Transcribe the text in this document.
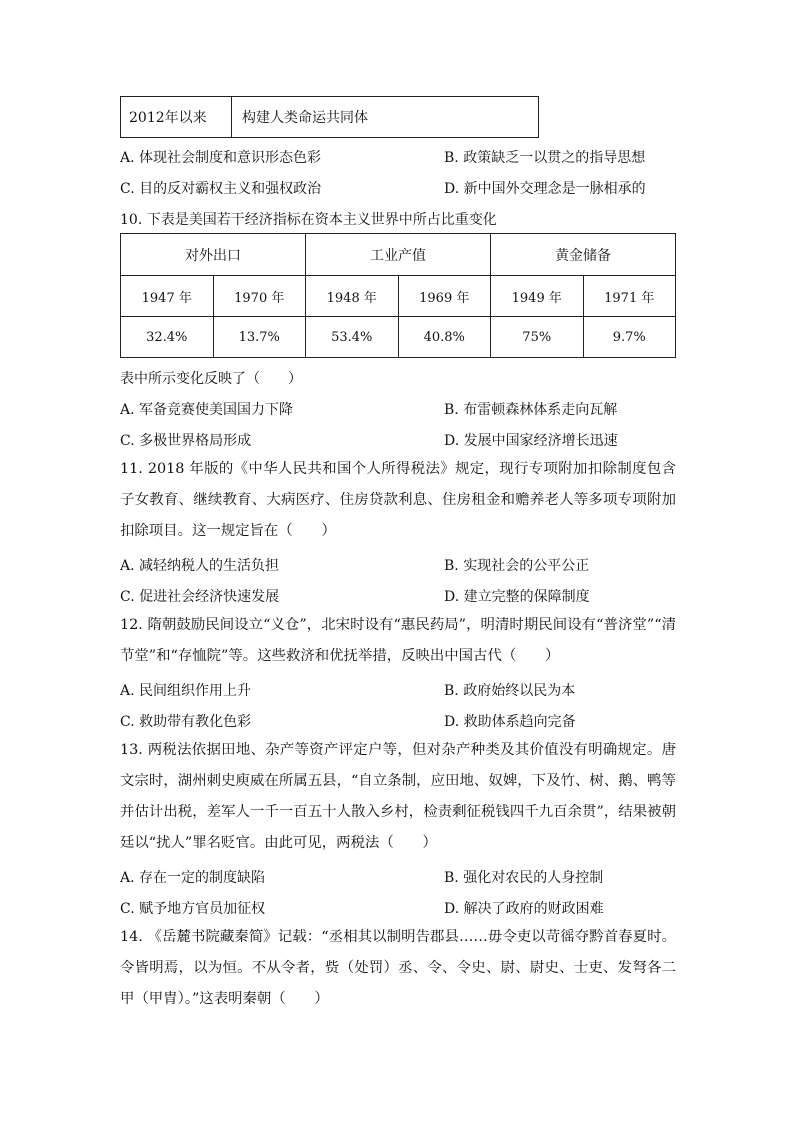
2012年以来	构建人类命运共同体
A. 体现社会制度和意识形态色彩	B. 政策缺乏一以贯之的指导思想
C. 目的反对霸权主义和强权政治	D. 新中国外交理念是一脉相承的
10. 下表是美国若干经济指标在资本主义世界中所占比重变化
对外出口		工业产值		黄金储备	
1947 年	1970 年	1948 年	1969 年	1949 年	1971 年
32.4%	13.7%	53.4%	40.8%	75%	9.7%
表中所示变化反映了（　　）
A. 军备竞赛使美国国力下降	B. 布雷顿森林体系走向瓦解
C. 多极世界格局形成	D. 发展中国家经济增长迅速
11. 2018 年版的《中华人民共和国个人所得税法》规定，现行专项附加扣除制度包含子女教育、继续教育、大病医疗、住房贷款利息、住房租金和赡养老人等多项专项附加扣除项目。这一规定旨在（　　）
A. 减轻纳税人的生活负担	B. 实现社会的公平公正
C. 促进社会经济快速发展	D. 建立完整的保障制度
12. 隋朝鼓励民间设立“义仓”，北宋时设有“惠民药局”，明清时期民间设有“普济堂”“清节堂”和“存恤院”等。这些救济和优抚举措，反映出中国古代（　　）
A. 民间组织作用上升	B. 政府始终以民为本
C. 救助带有教化色彩	D. 救助体系趋向完备
13. 两税法依据田地、杂产等资产评定户等，但对杂产种类及其价值没有明确规定。唐文宗时，湖州刺史庾威在所属五县，“自立条制，应田地、奴婢，下及竹、树、鹅、鸭等并估计出税，差军人一千一百五十人散入乡村，检责剩征税钱四千九百余贯”，结果被朝廷以“扰人”罪名贬官。由此可见，两税法（　　）
A. 存在一定的制度缺陷	B. 强化对农民的人身控制
C. 赋予地方官员加征权	D. 解决了政府的财政困难
14. 《岳麓书院藏秦简》记载：“丞相其以制明告郡县……毋令吏以苛徭夺黔首春夏时。令皆明焉，以为恒。不从令者，赀（处罚）丞、令、令史、尉、尉史、士吏、发弩各二甲（甲胄）。”这表明秦朝（　　）
